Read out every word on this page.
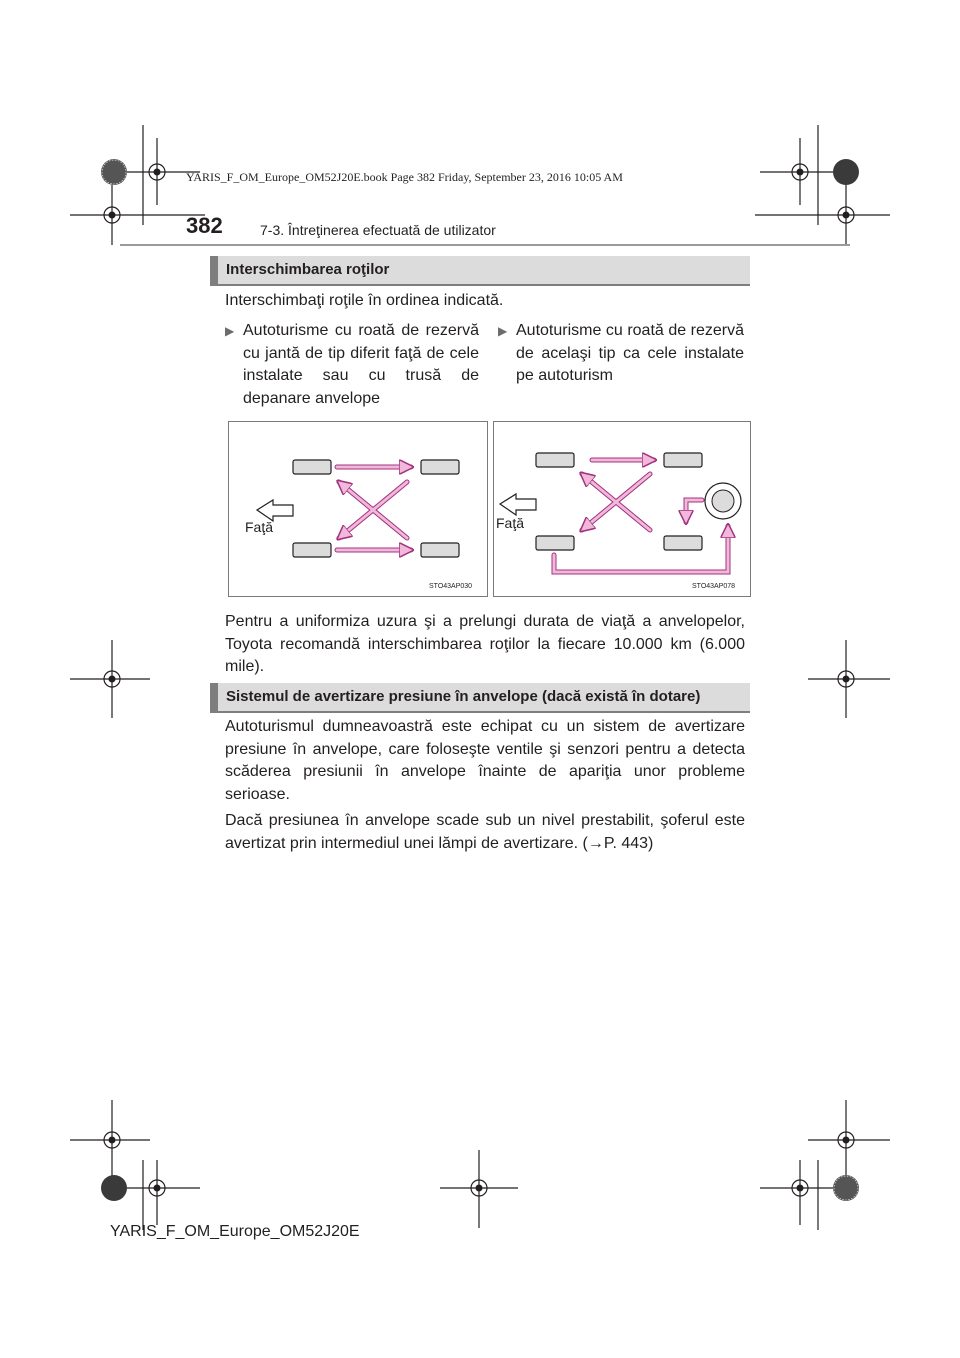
YARIS_F_OM_Europe_OM52J20E.book Page 382 Friday, September 23, 2016 10:05 AM
382	7-3. Întreţinerea efectuată de utilizator
Interschimbarea roţilor
Interschimbaţi roţile în ordinea indicată.
▶ Autoturisme cu roată de rezervă cu jantă de tip diferit faţă de cele instalate sau cu trusă de depanare anvelope
▶ Autoturisme cu roată de rezervă de acelaşi tip ca cele instalate pe autoturism
Faţă
STO43AP030
Faţă
STO43AP078
Pentru a uniformiza uzura şi a prelungi durata de viaţă a anvelopelor, Toyota recomandă interschimbarea roţilor la fiecare 10.000 km (6.000 mile).
Sistemul de avertizare presiune în anvelope (dacă există în dotare)
Autoturismul dumneavoastră este echipat cu un sistem de avertizare presiune în anvelope, care foloseşte ventile şi senzori pentru a detecta scăderea presiunii în anvelope înainte de apariţia unor probleme serioase.
Dacă presiunea în anvelope scade sub un nivel prestabilit, şoferul este avertizat prin intermediul unei lămpi de avertizare. (→P. 443)
YARIS_F_OM_Europe_OM52J20E
